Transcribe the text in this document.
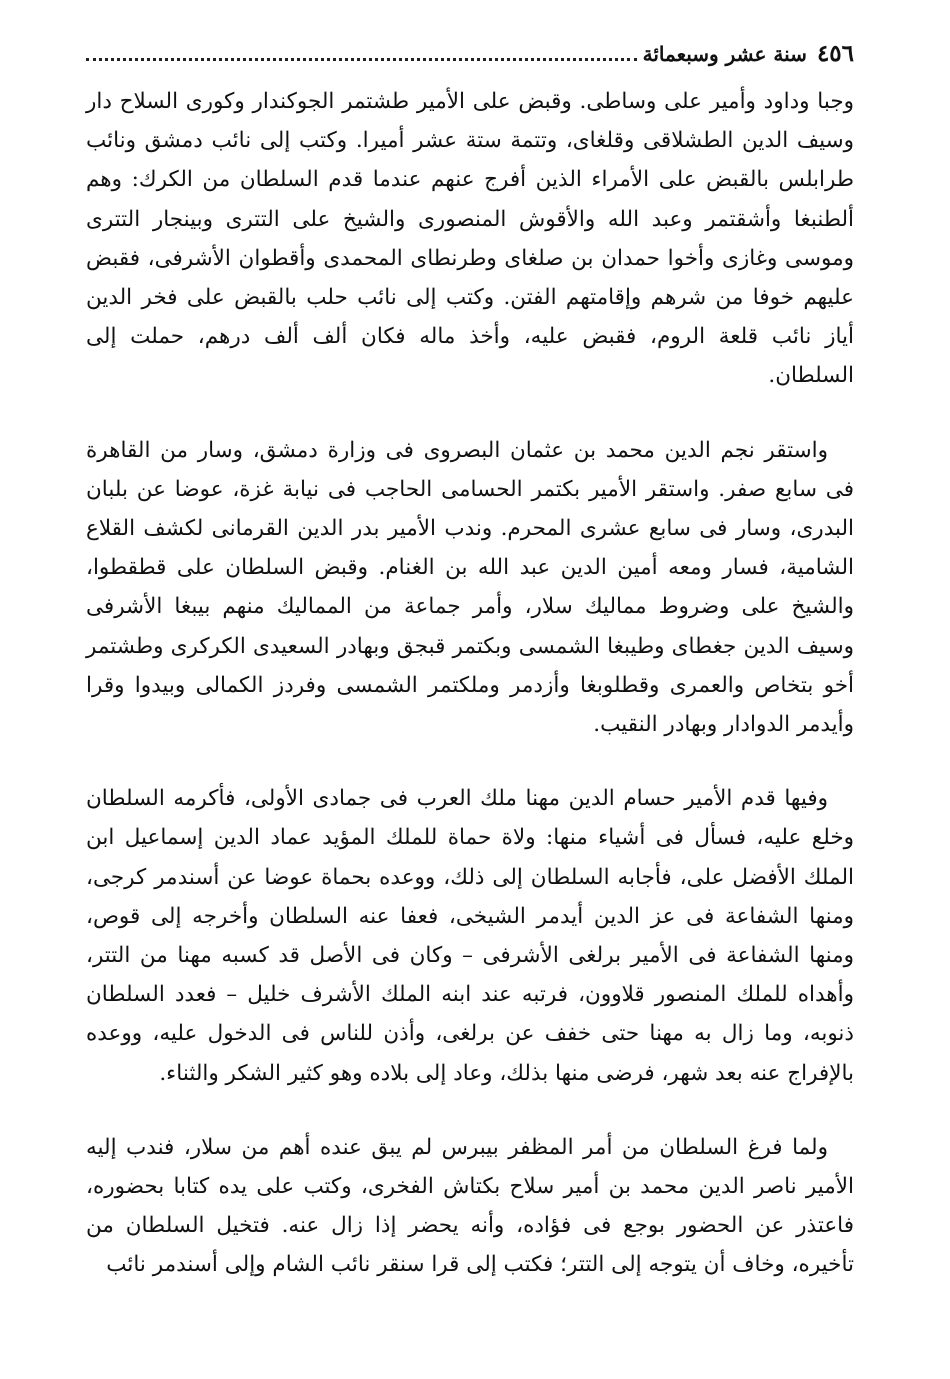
٤٥٦
سنة عشر وسبعمائة

وجبا وداود وأمير على وساطى. وقبض على الأمير طشتمر الجوكندار وكورى السلاح دار وسيف الدين الطشلاقى وقلغاى، وتتمة ستة عشر أميرا. وكتب إلى نائب دمشق ونائب طرابلس بالقبض على الأمراء الذين أفرج عنهم عندما قدم السلطان من الكرك: وهم ألطنبغا وأشقتمر وعبد الله والأقوش المنصورى والشيخ على التترى وبينجار التترى وموسى وغازى وأخوا حمدان بن صلغاى وطرنطاى المحمدى وأقطوان الأشرفى، فقبض عليهم خوفا من شرهم وإقامتهم الفتن. وكتب إلى نائب حلب بالقبض على فخر الدين أياز نائب قلعة الروم، فقبض عليه، وأخذ ماله فكان ألف ألف درهم، حملت إلى السلطان.

واستقر نجم الدين محمد بن عثمان البصروى فى وزارة دمشق، وسار من القاهرة فى سابع صفر. واستقر الأمير بكتمر الحسامى الحاجب فى نيابة غزة، عوضا عن بلبان البدرى، وسار فى سابع عشرى المحرم. وندب الأمير بدر الدين القرمانى لكشف القلاع الشامية، فسار ومعه أمين الدين عبد الله بن الغنام. وقبض السلطان على قطقطوا، والشيخ على وضروط مماليك سلار، وأمر جماعة من المماليك منهم بيبغا الأشرفى وسيف الدين جغطاى وطيبغا الشمسى وبكتمر قبجق وبهادر السعيدى الكركرى وطشتمر أخو بتخاص والعمرى وقطلوبغا وأزدمر وملكتمر الشمسى وفردز الكمالى وبيدوا وقرا وأيدمر الدوادار وبهادر النقيب.

وفيها قدم الأمير حسام الدين مهنا ملك العرب فى جمادى الأولى، فأكرمه السلطان وخلع عليه، فسأل فى أشياء منها: ولاة حماة للملك المؤيد عماد الدين إسماعيل ابن الملك الأفضل على، فأجابه السلطان إلى ذلك، ووعده بحماة عوضا عن أسندمر كرجى، ومنها الشفاعة فى عز الدين أيدمر الشيخى، فعفا عنه السلطان وأخرجه إلى قوص، ومنها الشفاعة فى الأمير برلغى الأشرفى – وكان فى الأصل قد كسبه مهنا من التتر، وأهداه للملك المنصور قلاوون، فرتبه عند ابنه الملك الأشرف خليل – فعدد السلطان ذنوبه، وما زال به مهنا حتى خفف عن برلغى، وأذن للناس فى الدخول عليه، ووعده بالإفراج عنه بعد شهر، فرضى منها بذلك، وعاد إلى بلاده وهو كثير الشكر والثناء.

ولما فرغ السلطان من أمر المظفر بيبرس لم يبق عنده أهم من سلار، فندب إليه الأمير ناصر الدين محمد بن أمير سلاح بكتاش الفخرى، وكتب على يده كتابا بحضوره، فاعتذر عن الحضور بوجع فى فؤاده، وأنه يحضر إذا زال عنه. فتخيل السلطان من تأخيره، وخاف أن يتوجه إلى التتر؛ فكتب إلى قرا سنقر نائب الشام وإلى أسندمر نائب
